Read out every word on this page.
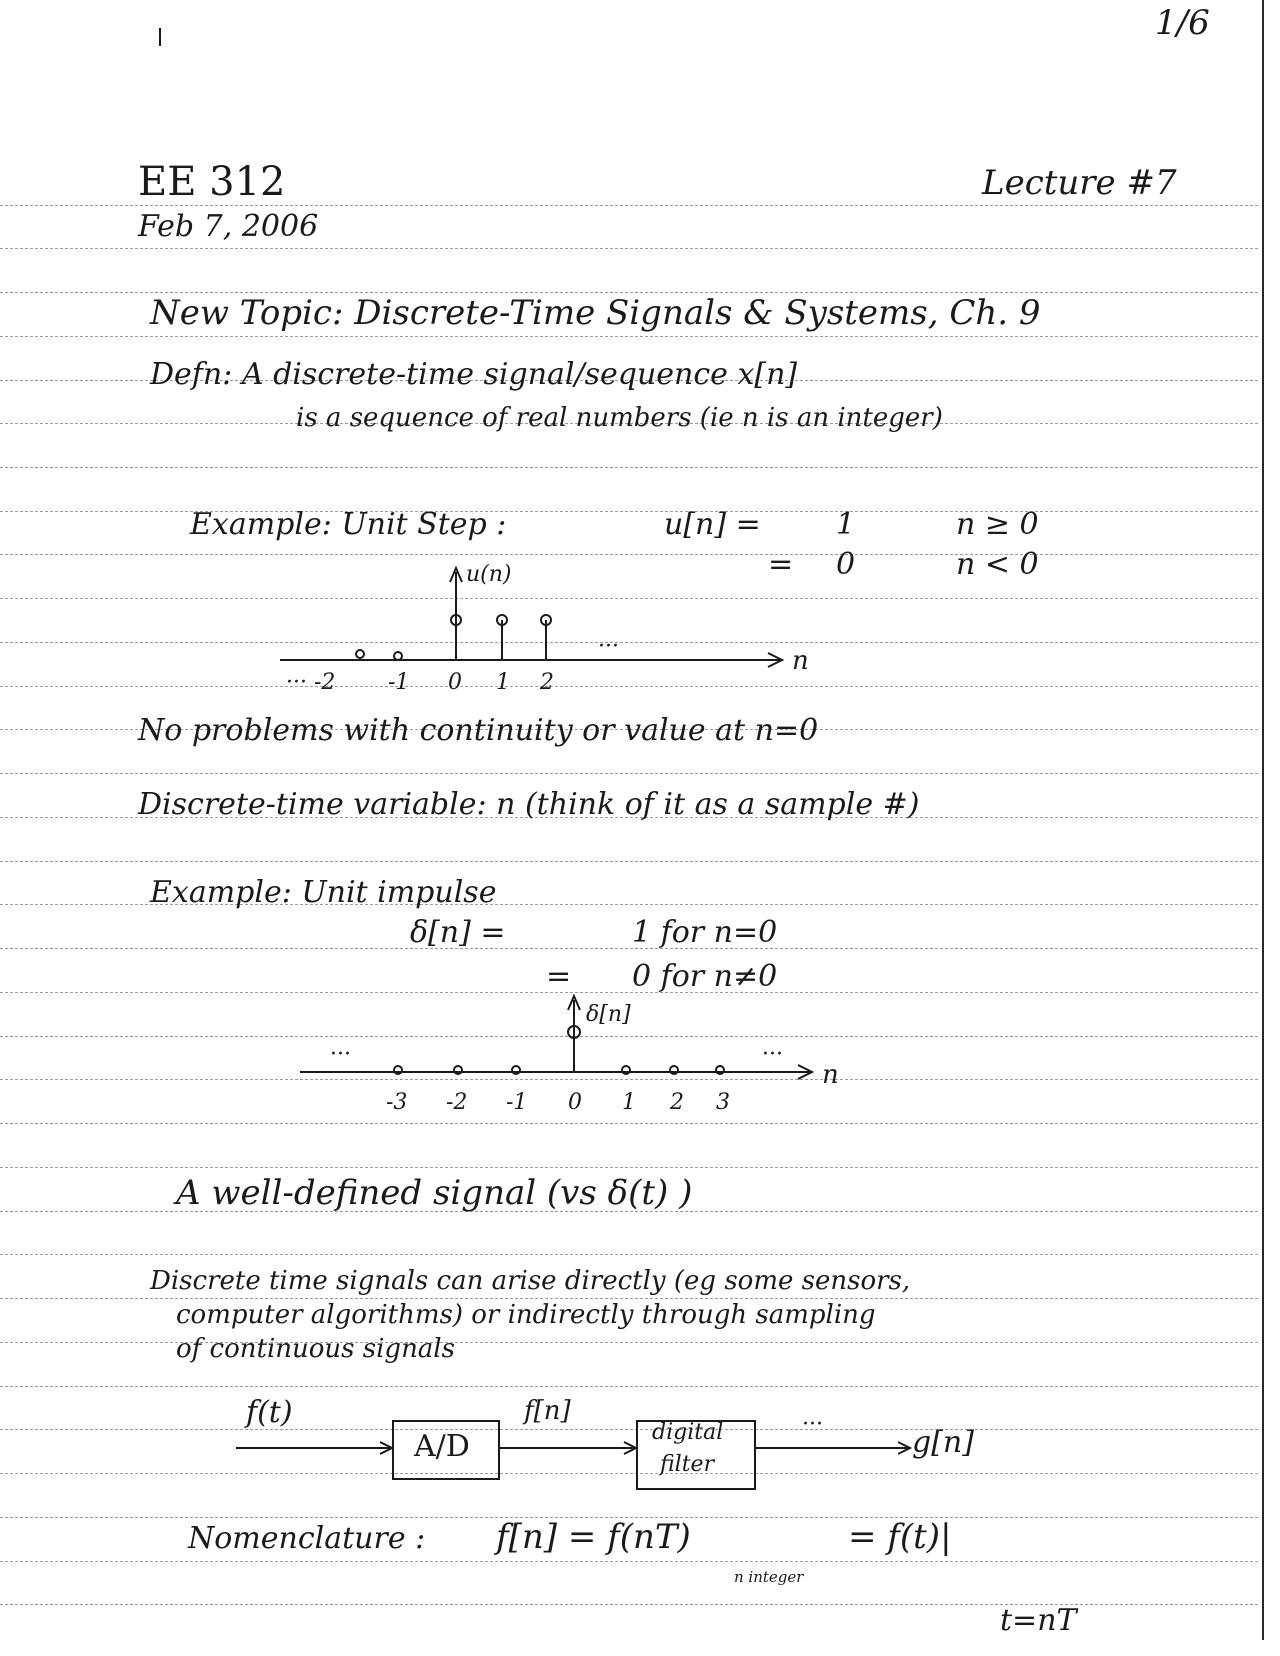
1/6
EE 312
Feb 7, 2006
Lecture #7
New Topic: Discrete-Time Signals & Systems, Ch. 9
Defn: A discrete-time signal/sequence x[n]
is a sequence of real numbers (ie n is an integer)
Example: Unit Step :	u[n] =	1	n ≥ 0
= 0	n < 0
u(n)
···	n
··· -2 -1 0 1 2
No problems with continuity or value at n=0
Discrete-time variable: n (think of it as a sample #)
Example: Unit impulse
δ[n] =	1 for n=0
= 0 for n≠0
δ[n]
···	···
n
-3 -2 -1 0 1 2 3
A well-defined signal (vs δ(t) )
Discrete time signals can arise directly (eg some sensors,
computer algorithms) or indirectly through sampling
of continuous signals
f(t)
A/D
f[n]
digital
filter
···
g[n]
Nomenclature : f[n] = f(nT)
n integer
= f(t)|
t=nT
